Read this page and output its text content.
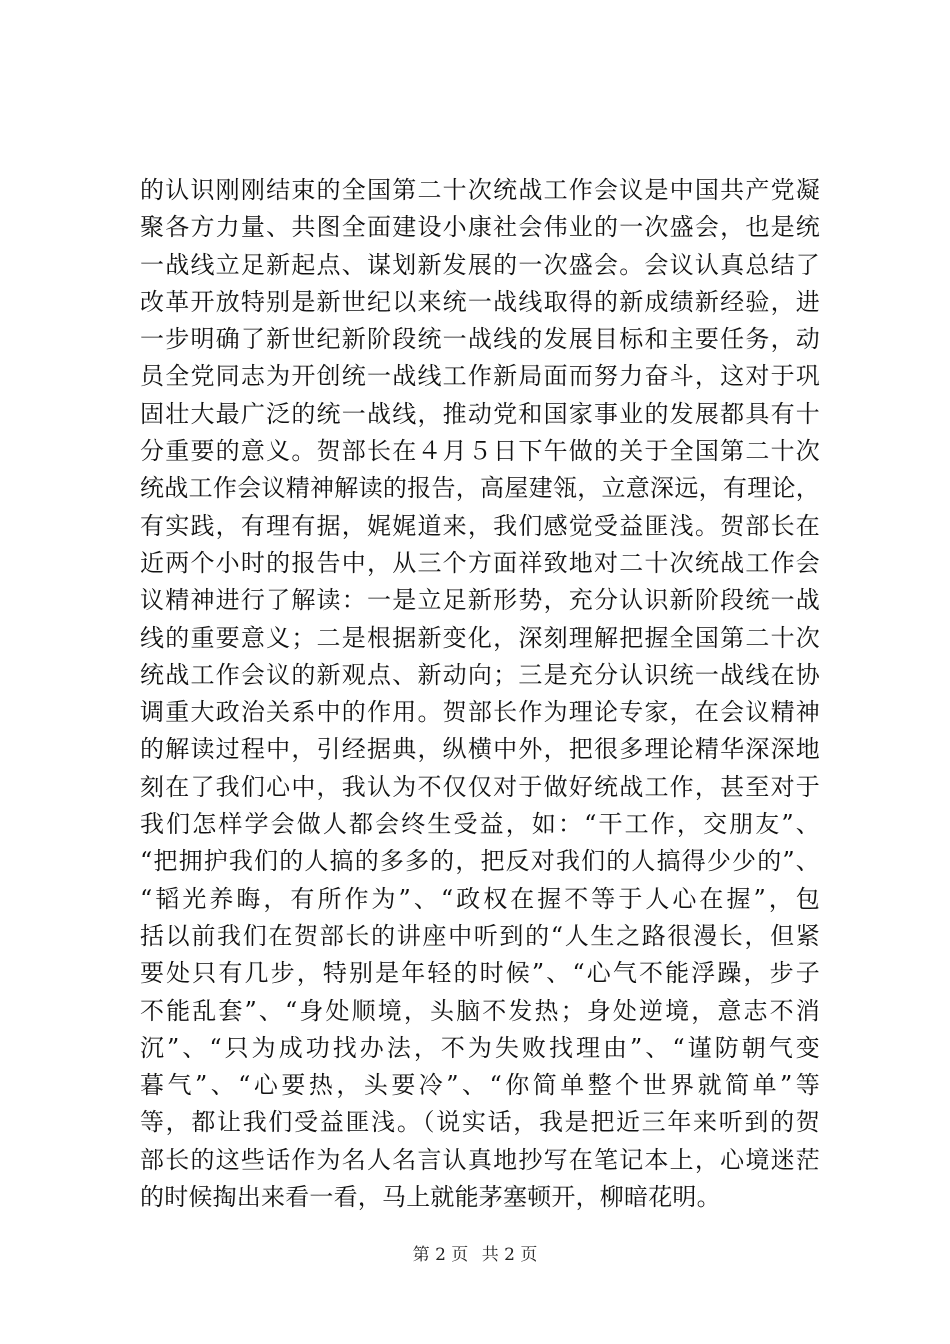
的认识刚刚结束的全国第二十次统战工作会议是中国共产党凝
聚各方力量、共图全面建设小康社会伟业的一次盛会，也是统
一战线立足新起点、谋划新发展的一次盛会。会议认真总结了
改革开放特别是新世纪以来统一战线取得的新成绩新经验，进
一步明确了新世纪新阶段统一战线的发展目标和主要任务，动
员全党同志为开创统一战线工作新局面而努力奋斗，这对于巩
固壮大最广泛的统一战线，推动党和国家事业的发展都具有十
分重要的意义。贺部长在４月５日下午做的关于全国第二十次
统战工作会议精神解读的报告，高屋建瓴，立意深远，有理论，
有实践，有理有据，娓娓道来，我们感觉受益匪浅。贺部长在
近两个小时的报告中，从三个方面祥致地对二十次统战工作会
议精神进行了解读：一是立足新形势，充分认识新阶段统一战
线的重要意义；二是根据新变化，深刻理解把握全国第二十次
统战工作会议的新观点、新动向；三是充分认识统一战线在协
调重大政治关系中的作用。贺部长作为理论专家，在会议精神
的解读过程中，引经据典，纵横中外，把很多理论精华深深地
刻在了我们心中，我认为不仅仅对于做好统战工作，甚至对于
我们怎样学会做人都会终生受益，如：“干工作，交朋友”、
“把拥护我们的人搞的多多的，把反对我们的人搞得少少的”、
“韬光养晦，有所作为”、“政权在握不等于人心在握”，包
括以前我们在贺部长的讲座中听到的“人生之路很漫长，但紧
要处只有几步，特别是年轻的时候”、“心气不能浮躁，步子
不能乱套”、“身处顺境，头脑不发热；身处逆境，意志不消
沉”、“只为成功找办法，不为失败找理由”、“谨防朝气变
暮气”、“心要热，头要冷”、“你简单整个世界就简单”等
等，都让我们受益匪浅。（说实话，我是把近三年来听到的贺
部长的这些话作为名人名言认真地抄写在笔记本上，心境迷茫
的时候掏出来看一看，马上就能茅塞顿开，柳暗花明。
第 2 页 共 2 页
